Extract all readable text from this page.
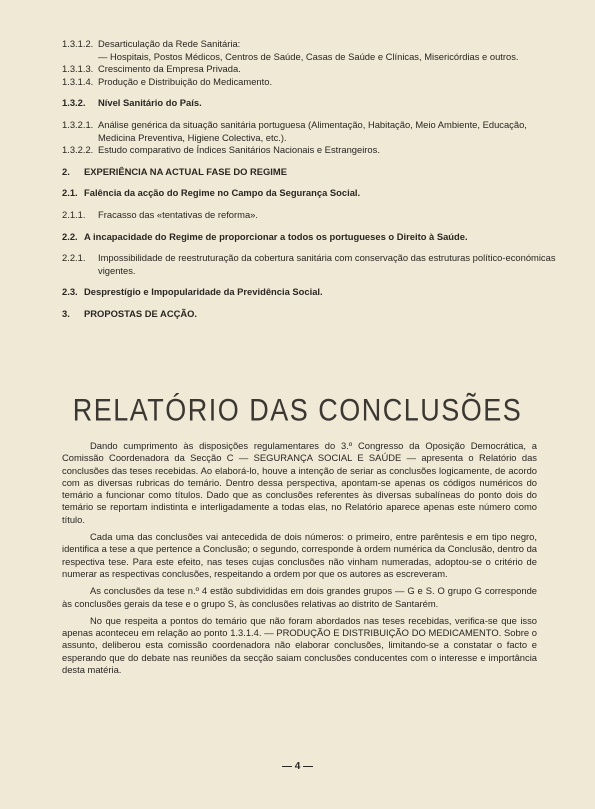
1.3.1.2. Desarticulação da Rede Sanitária:
— Hospitais, Postos Médicos, Centros de Saúde, Casas de Saúde e Clínicas, Misericórdias e outros.
1.3.1.3. Crescimento da Empresa Privada.
1.3.1.4. Produção e Distribuição do Medicamento.
1.3.2.	Nível Sanitário do País.
1.3.2.1. Análise genérica da situação sanitária portuguesa (Alimentação, Habitação, Meio Ambiente, Educação, Medicina Preventiva, Higiene Colectiva, etc.).
1.3.2.2. Estudo comparativo de Índices Sanitários Nacionais e Estrangeiros.
2.	EXPERIÊNCIA NA ACTUAL FASE DO REGIME
2.1. Falência da acção do Regime no Campo da Segurança Social.
2.1.1.	Fracasso das «tentativas de reforma».
2.2. A incapacidade do Regime de proporcionar a todos os portugueses o Direito à Saúde.
2.2.1.	Impossibilidade de reestruturação da cobertura sanitária com conservação das estruturas político-económicas vigentes.
2.3. Desprestígio e Impopularidade da Previdência Social.
3.	PROPOSTAS DE ACÇÃO.
RELATÓRIO DAS CONCLUSÕES

Dando cumprimento às disposições regulamentares do 3.º Congresso da Oposição Democrática, a Comissão Coordenadora da Secção C — SEGURANÇA SOCIAL E SAÚDE — apresenta o Relatório das conclusões das teses recebidas. Ao elaborá-lo, houve a intenção de seriar as conclusões logicamente, de acordo com as diversas rubricas do temário. Dentro dessa perspectiva, apontam-se apenas os códigos numéricos do temário a funcionar como títulos. Dado que as conclusões referentes às diversas subalíneas do ponto dois do temário se reportam indistinta e interligadamente a todas elas, no Relatório aparece apenas este número como título.

Cada uma das conclusões vai antecedida de dois números: o primeiro, entre parêntesis e em tipo negro, identifica a tese a que pertence a Conclusão; o segundo, corresponde à ordem numérica da Conclusão, dentro da respectiva tese. Para este efeito, nas teses cujas conclusões não vinham numeradas, adoptou-se o critério de numerar as respectivas conclusões, respeitando a ordem por que os autores as escreveram.

As conclusões da tese n.º 4 estão subdivididas em dois grandes grupos — G e S. O grupo G corresponde às conclusões gerais da tese e o grupo S, às conclusões relativas ao distrito de Santarém.

No que respeita a pontos do temário que não foram abordados nas teses recebidas, verifica-se que isso apenas aconteceu em relação ao ponto 1.3.1.4. — PRODUÇÃO E DISTRIBUIÇÃO DO MEDICAMENTO. Sobre o assunto, deliberou esta comissão coordenadora não elaborar conclusões, limitando-se a constatar o facto e esperando que do debate nas reuniões da secção saiam conclusões conducentes com o interesse e importância desta matéria.

— 4 —
